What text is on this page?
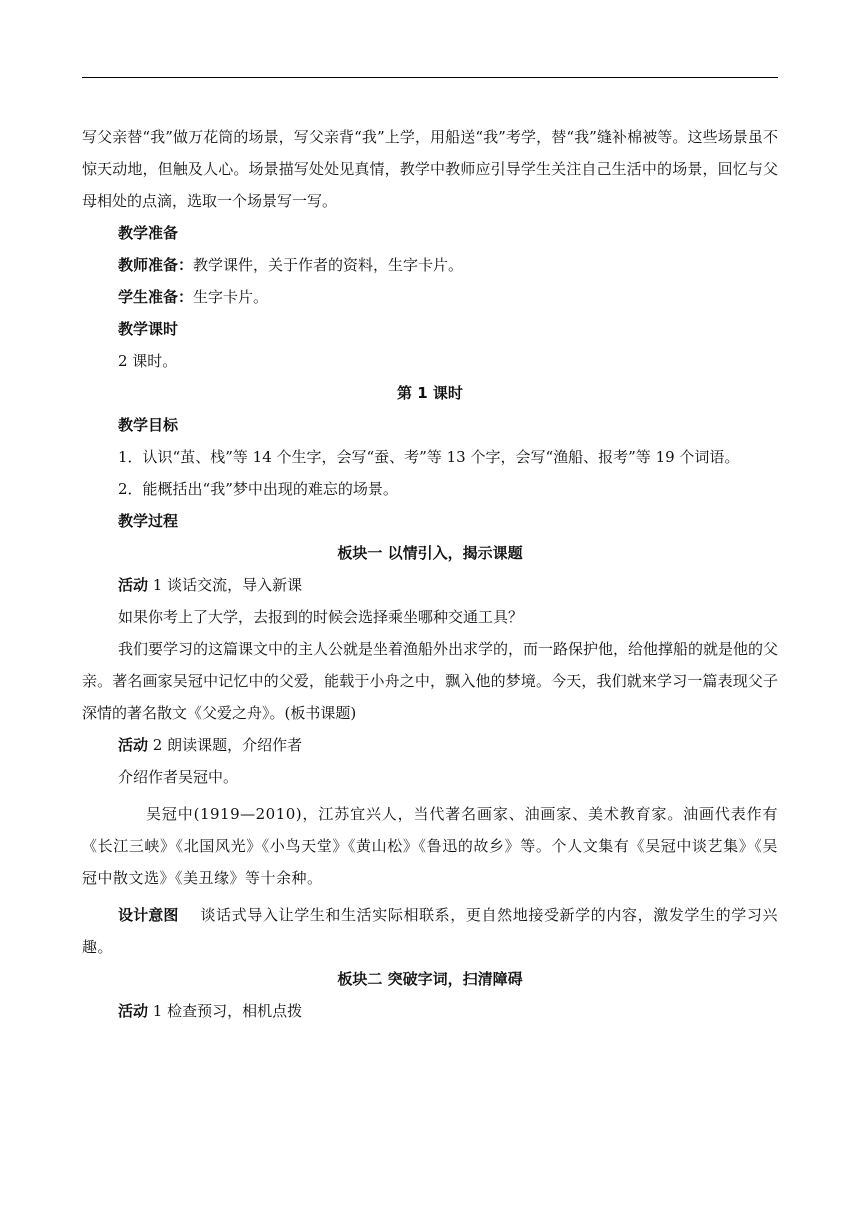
写父亲替“我”做万花筒的场景，写父亲背“我”上学，用船送“我”考学，替“我”缝补棉被等。这些场景虽不惊天动地，但触及人心。场景描写处处见真情，教学中教师应引导学生关注自己生活中的场景，回忆与父母相处的点滴，选取一个场景写一写。

教学准备

教师准备：教学课件，关于作者的资料，生字卡片。

学生准备：生字卡片。

教学课时

2 课时。

第 1 课时

教学目标

1．认识“茧、栈”等 14 个生字，会写“蚕、考”等 13 个字，会写“渔船、报考”等 19 个词语。

2．能概括出“我”梦中出现的难忘的场景。

教学过程

板块一 以情引入，揭示课题

活动 1 谈话交流，导入新课

如果你考上了大学，去报到的时候会选择乘坐哪种交通工具？

我们要学习的这篇课文中的主人公就是坐着渔船外出求学的，而一路保护他，给他撑船的就是他的父亲。著名画家吴冠中记忆中的父爱，能载于小舟之中，飘入他的梦境。今天，我们就来学习一篇表现父子深情的著名散文《父爱之舟》。(板书课题)

活动 2 朗读课题，介绍作者

介绍作者吴冠中。

吴冠中(1919—2010)，江苏宜兴人，当代著名画家、油画家、美术教育家。油画代表作有《长江三峡》《北国风光》《小鸟天堂》《黄山松》《鲁迅的故乡》等。个人文集有《吴冠中谈艺集》《吴冠中散文选》《美丑缘》等十余种。

设计意图 谈话式导入让学生和生活实际相联系，更自然地接受新学的内容，激发学生的学习兴趣。

板块二 突破字词，扫清障碍

活动 1 检查预习，相机点拨
